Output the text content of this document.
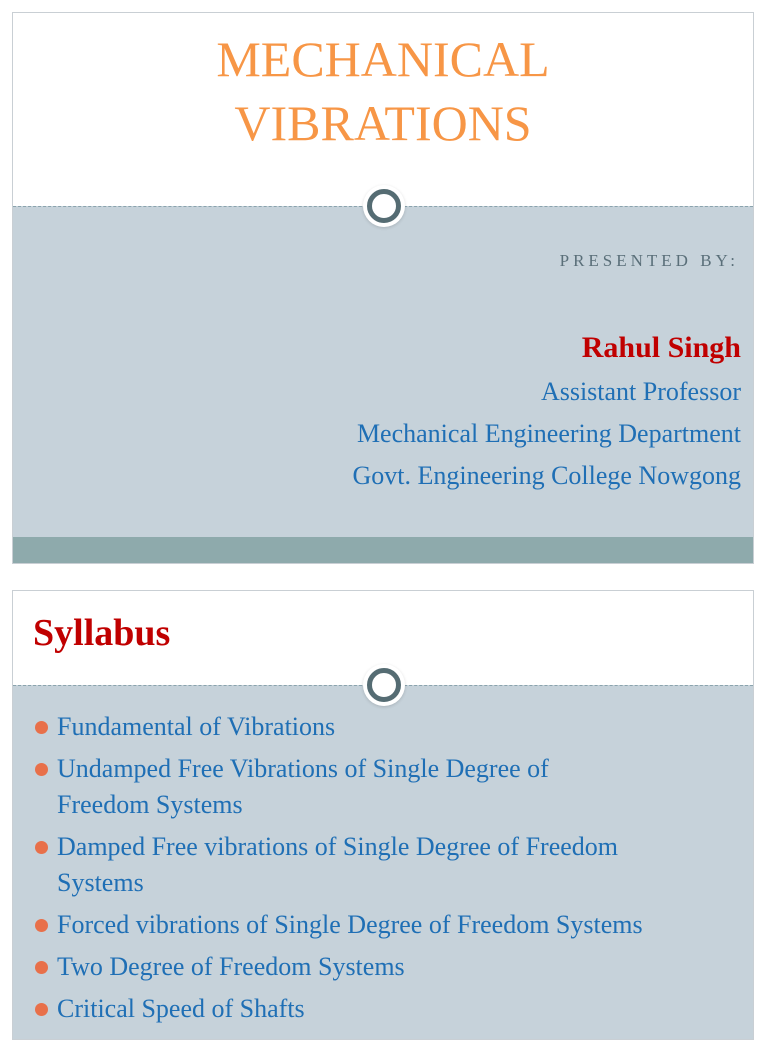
MECHANICAL
VIBRATIONS
PRESENTED BY:
Rahul Singh
Assistant Professor
Mechanical Engineering Department
Govt. Engineering College Nowgong
Syllabus
Fundamental of Vibrations
Undamped Free Vibrations of Single Degree of
Freedom Systems
Damped Free vibrations of Single Degree of Freedom
Systems
Forced vibrations of Single Degree of Freedom Systems
Two Degree of Freedom Systems
Critical Speed of Shafts
